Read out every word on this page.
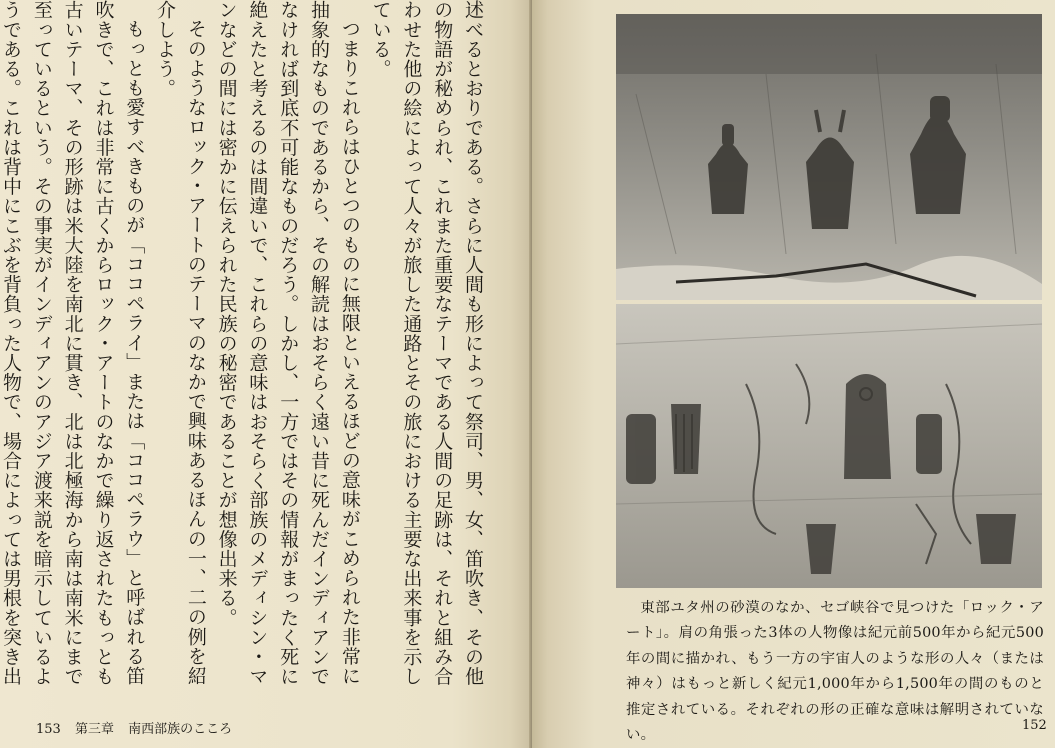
述べるとおりである。さらに人間も形によって祭司、男、女、笛吹き、その他の物語が秘められ、これまた重要なテーマである人間の足跡は、それと組み合わせた他の絵によって人々が旅した通路とその旅における主要な出来事を示している。

つまりこれらはひとつのものに無限といえるほどの意味がこめられた非常に抽象的なものであるから、その解読はおそらく遠い昔に死んだインディアンでなければ到底不可能なものだろう。しかし、一方ではその情報がまったく死に絶えたと考えるのは間違いで、これらの意味はおそらく部族のメディシン・マンなどの間には密かに伝えられた民族の秘密であることが想像出来る。

そのようなロック・アートのテーマのなかで興味あるほんの一、二の例を紹介しよう。

もっとも愛すべきものが「ココペライ」または「ココペラウ」と呼ばれる笛吹きで、これは非常に古くからロック・アートのなかで繰り返されたもっとも古いテーマ、その形跡は米大陸を南北に貫き、北は北極海から南は南米にまで至っているという。その事実がインディアンのアジア渡来説を暗示しているようである。これは背中にこぶを背負った人物で、場合によっては男根を突き出

153 第三章 南西部族のこころ
東部ユタ州の砂漠のなか、セゴ峡谷で見つけた「ロック・アート」。肩の角張った3体の人物像は紀元前500年から紀元500年の間に描かれ、もう一方の宇宙人のような形の人々（または神々）はもっと新しく紀元1,000年から1,500年の間のものと推定されている。それぞれの形の正確な意味は解明されていない。
152
